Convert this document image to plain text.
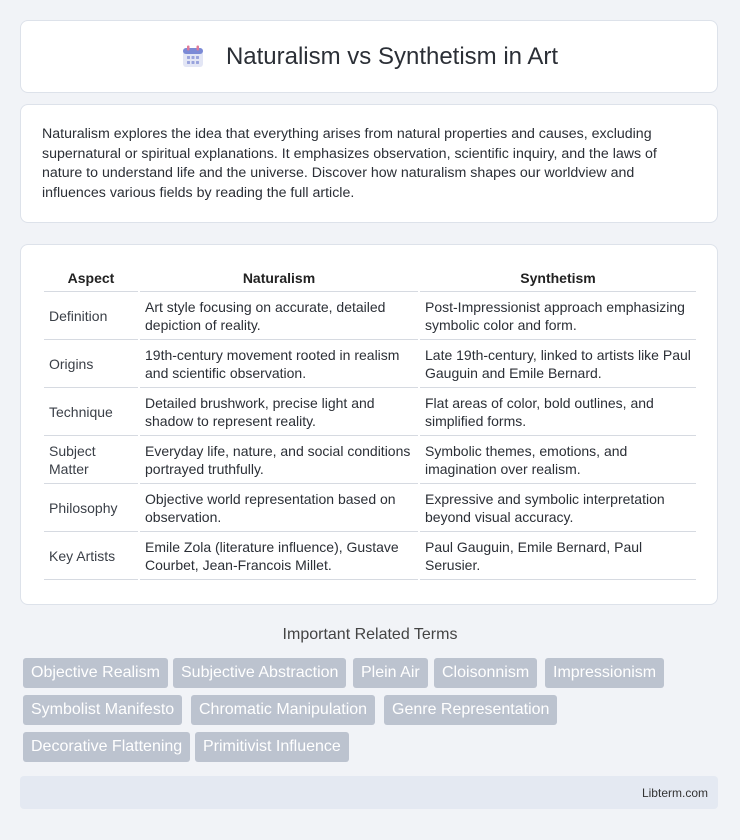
Naturalism vs Synthetism in Art
Naturalism explores the idea that everything arises from natural properties and causes, excluding supernatural or spiritual explanations. It emphasizes observation, scientific inquiry, and the laws of nature to understand life and the universe. Discover how naturalism shapes our worldview and influences various fields by reading the full article.
Aspect	Naturalism	Synthetism
Definition	Art style focusing on accurate, detailed depiction of reality.	Post-Impressionist approach emphasizing symbolic color and form.
Origins	19th-century movement rooted in realism and scientific observation.	Late 19th-century, linked to artists like Paul Gauguin and Emile Bernard.
Technique	Detailed brushwork, precise light and shadow to represent reality.	Flat areas of color, bold outlines, and simplified forms.
Subject Matter	Everyday life, nature, and social conditions portrayed truthfully.	Symbolic themes, emotions, and imagination over realism.
Philosophy	Objective world representation based on observation.	Expressive and symbolic interpretation beyond visual accuracy.
Key Artists	Emile Zola (literature influence), Gustave Courbet, Jean-Francois Millet.	Paul Gauguin, Emile Bernard, Paul Serusier.
Important Related Terms
Objective Realism	Subjective Abstraction	Plein Air	Cloisonnism	Impressionism
Symbolist Manifesto	Chromatic Manipulation	Genre Representation
Decorative Flattening	Primitivist Influence
Libterm.com
